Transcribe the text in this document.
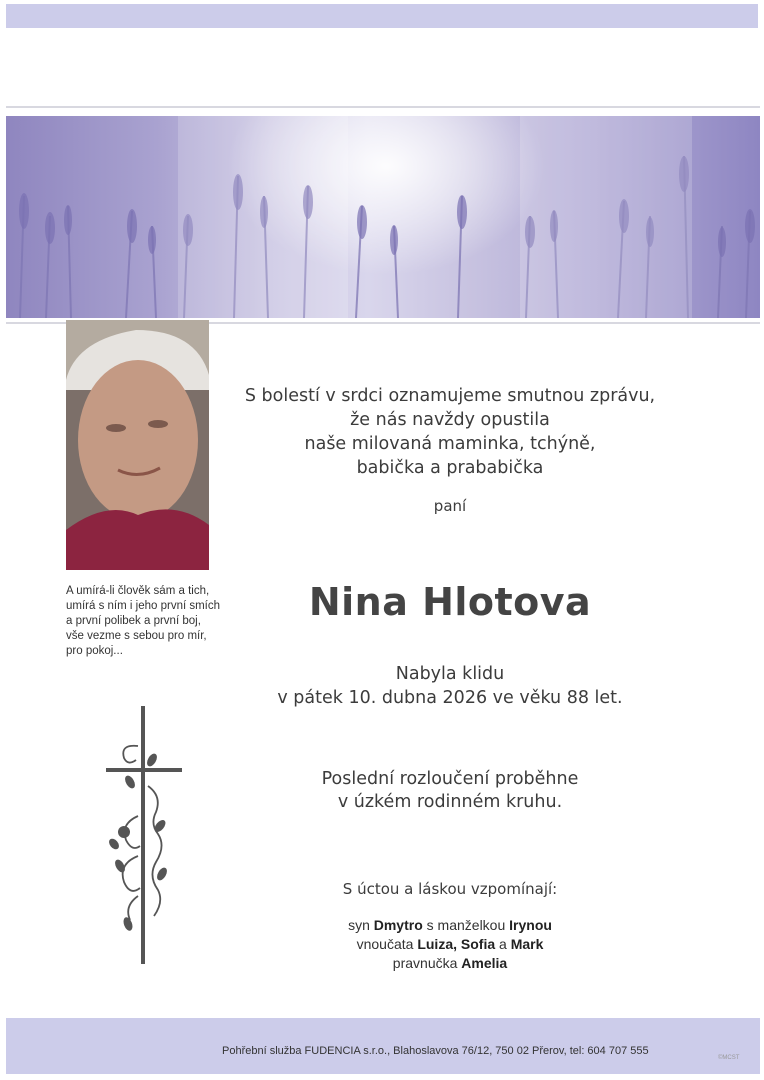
A umírá-li člověk sám a tich,
umírá s ním i jeho první smích
a první polibek a první boj,
vše vezme s sebou pro mír,
pro pokoj...
S bolestí v srdci oznamujeme smutnou zprávu,
že nás navždy opustila
naše milovaná maminka, tchýně,
babička a prababička
paní
Nina Hlotova
Nabyla klidu
v pátek 10. dubna 2026 ve věku 88 let.
Poslední rozloučení proběhne
v úzkém rodinném kruhu.
S úctou a láskou vzpomínají:
syn Dmytro s manželkou Irynou
vnoučata Luiza, Sofia a Mark
pravnučka Amelia
Pohřební služba FUDENCIA s.r.o., Blahoslavova 76/12, 750 02 Přerov, tel: 604 707 555
©MCST
